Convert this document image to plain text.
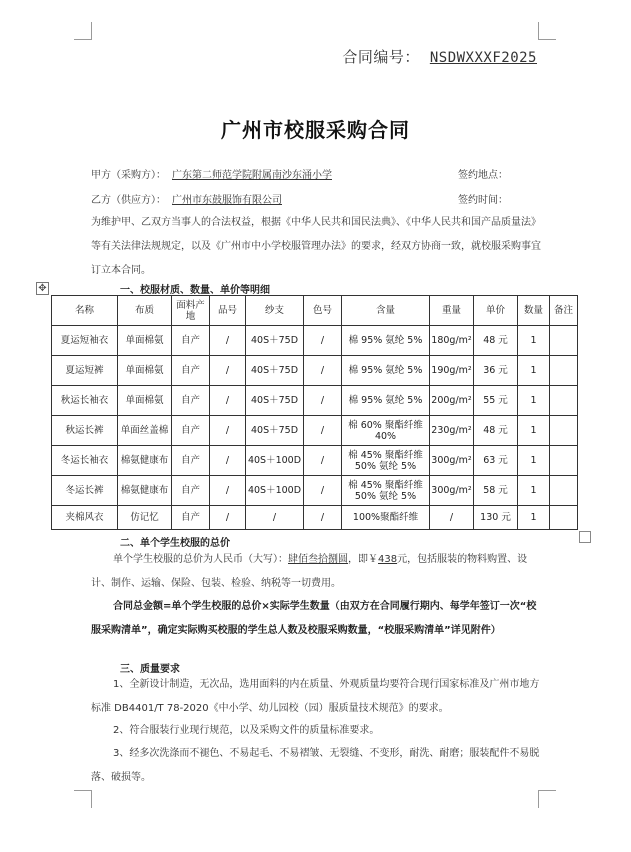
合同编号： NSDWXXXF2025
广州市校服采购合同
甲方（采购方）： 广东第二师范学院附属南沙东涌小学	签约地点：
乙方（供应方）： 广州市东鼓服饰有限公司	签约时间：
为维护甲、乙双方当事人的合法权益，根据《中华人民共和国民法典》、《中华人民共和国产品质量法》等有关法律法规规定，以及《广州市中小学校服管理办法》的要求，经双方协商一致，就校服采购事宜订立本合同。
✥	一、校服材质、数量、单价等明细
名称	布质	面料产地	品号	纱支	色号	含量	重量	单价	数量	备注
夏运短袖衣	单面棉氨	自产	/	40S＋75D	/	棉 95% 氨纶 5%	180g/m²	48 元	1	
夏运短裤	单面棉氨	自产	/	40S＋75D	/	棉 95% 氨纶 5%	190g/m²	36 元	1	
秋运长袖衣	单面棉氨	自产	/	40S＋75D	/	棉 95% 氨纶 5%	200g/m²	55 元	1	
秋运长裤	单面丝盖棉	自产	/	40S＋75D	/	棉 60% 聚酯纤维 40%	230g/m²	48 元	1	
冬运长袖衣	棉氨健康布	自产	/	40S＋100D	/	棉 45% 聚酯纤维 50% 氨纶 5%	300g/m²	63 元	1	
冬运长裤	棉氨健康布	自产	/	40S＋100D	/	棉 45% 聚酯纤维 50% 氨纶 5%	300g/m²	58 元	1	
夹棉风衣	仿记忆	自产	/	/	/	100%聚酯纤维	/	130 元	1	
二、单个学生校服的总价
单个学生校服的总价为人民币（大写）：肆佰叁拾捌圆，即￥438元，包括服装的物料购置、设计、制作、运输、保险、包装、检验、纳税等一切费用。
合同总金额=单个学生校服的总价×实际学生数量（由双方在合同履行期内、每学年签订一次“校服采购清单”，确定实际购买校服的学生总人数及校服采购数量，“校服采购清单”详见附件）
三、质量要求
1、全新设计制造，无次品，选用面料的内在质量、外观质量均要符合现行国家标准及广州市地方标准 DB4401/T 78-2020《中小学、幼儿园校（园）服质量技术规范》的要求。
2、符合服装行业现行规范，以及采购文件的质量标准要求。
3、经多次洗涤而不褪色、不易起毛、不易褶皱、无裂缝、不变形，耐洗、耐磨；服装配件不易脱落、破损等。
